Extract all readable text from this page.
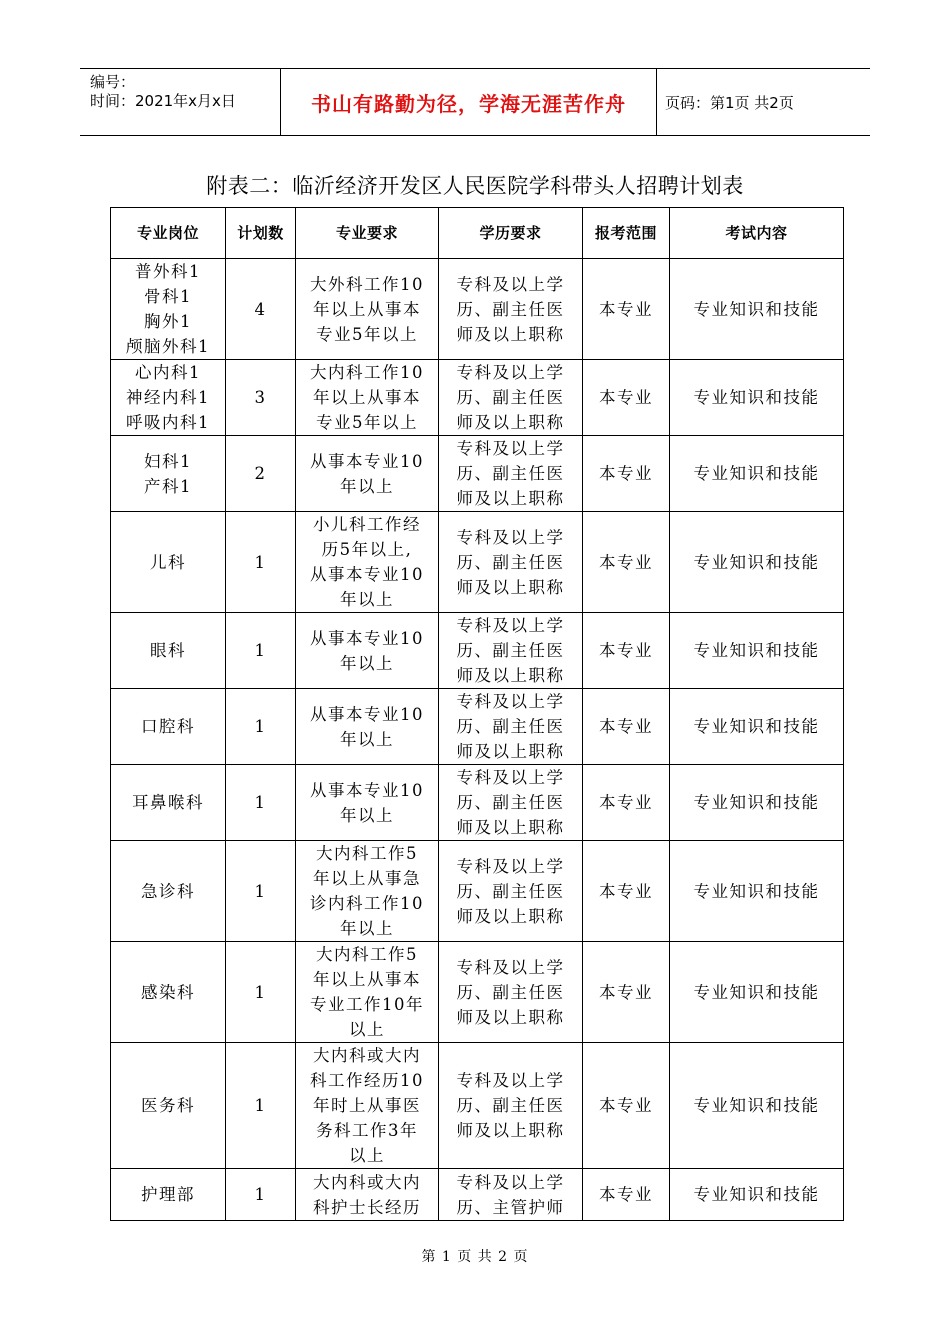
编号：
时间：2021年x月x日	书山有路勤为径，学海无涯苦作舟	页码：第1页 共2页
附表二：临沂经济开发区人民医院学科带头人招聘计划表
专业岗位	计划数	专业要求	学历要求	报考范围	考试内容

普外科1
骨科1
胸外1
颅脑外科1	4	大外科工作10
年以上从事本
专业5年以上	专科及以上学
历、副主任医
师及以上职称	本专业	专业知识和技能

心内科1
神经内科1
呼吸内科1	3	大内科工作10
年以上从事本
专业5年以上	专科及以上学
历、副主任医
师及以上职称	本专业	专业知识和技能

妇科1
产科1	2	从事本专业10
年以上	专科及以上学
历、副主任医
师及以上职称	本专业	专业知识和技能

儿科	1	小儿科工作经
历5年以上,
从事本专业10
年以上	专科及以上学
历、副主任医
师及以上职称	本专业	专业知识和技能

眼科	1	从事本专业10
年以上	专科及以上学
历、副主任医
师及以上职称	本专业	专业知识和技能

口腔科	1	从事本专业10
年以上	专科及以上学
历、副主任医
师及以上职称	本专业	专业知识和技能

耳鼻喉科	1	从事本专业10
年以上	专科及以上学
历、副主任医
师及以上职称	本专业	专业知识和技能

急诊科	1	大内科工作5
年以上从事急
诊内科工作10
年以上	专科及以上学
历、副主任医
师及以上职称	本专业	专业知识和技能

感染科	1	大内科工作5
年以上从事本
专业工作10年
以上	专科及以上学
历、副主任医
师及以上职称	本专业	专业知识和技能

医务科	1	大内科或大内
科工作经历10
年时上从事医
务科工作3年
以上	专科及以上学
历、副主任医
师及以上职称	本专业	专业知识和技能

护理部	1	大内科或大内
科护士长经历	专科及以上学
历、主管护师	本专业	专业知识和技能
第 1 页 共 2 页
